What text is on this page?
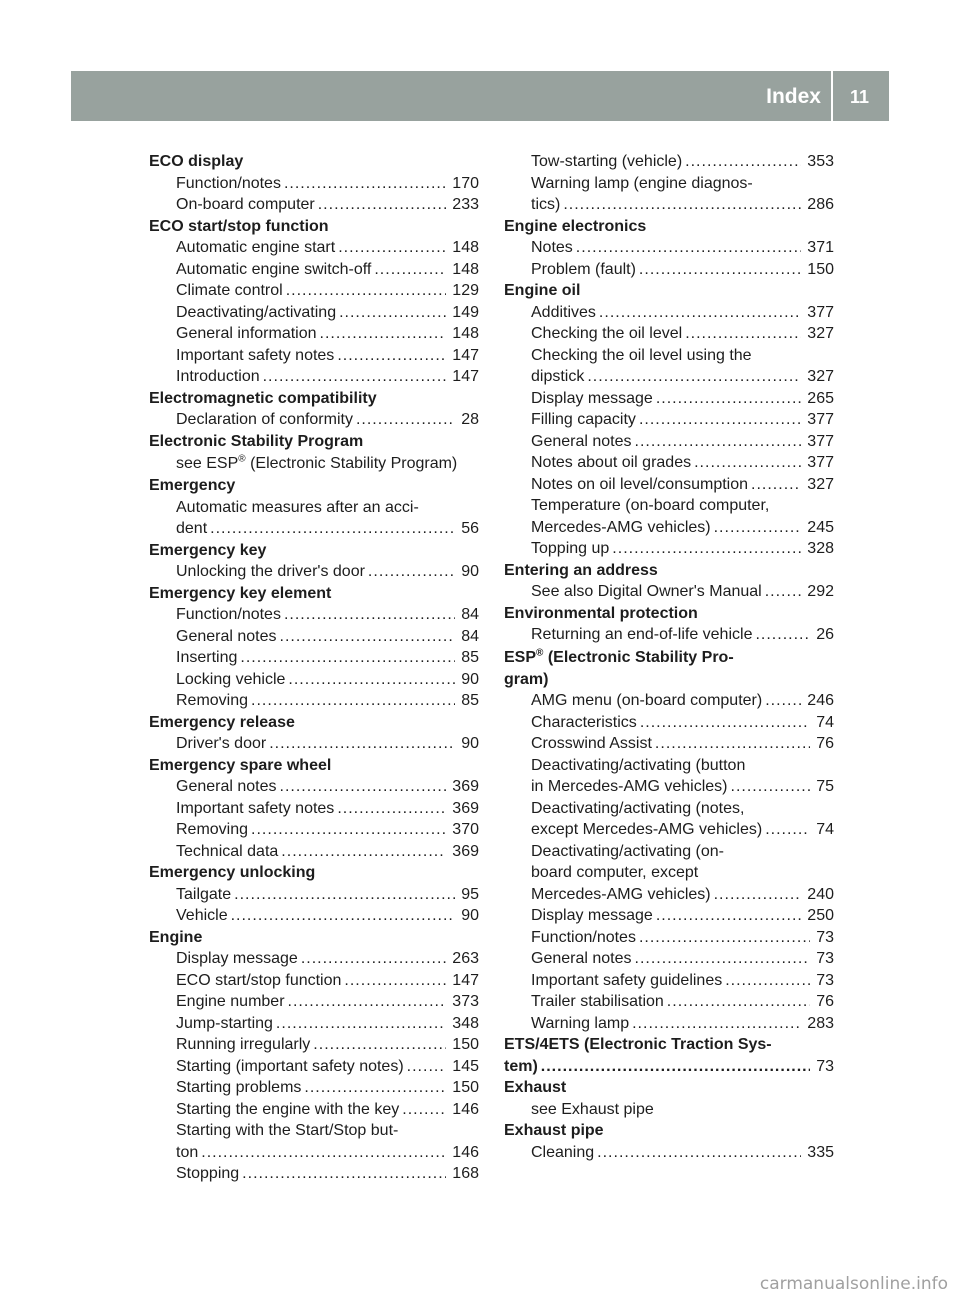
Index 11
ECO display
Function/notes .....	170
On-board computer .....	233
ECO start/stop function
Automatic engine start .....	148
Automatic engine switch-off .....	148
Climate control .....	129
Deactivating/activating .....	149
General information .....	148
Important safety notes .....	147
Introduction .....	147
Electromagnetic compatibility
Declaration of conformity .....	28
Electronic Stability Program
see ESP® (Electronic Stability Program)
Emergency
Automatic measures after an acci-
dent .....	56
Emergency key
Unlocking the driver's door .....	90
Emergency key element
Function/notes .....	84
General notes .....	84
Inserting .....	85
Locking vehicle .....	90
Removing .....	85
Emergency release
Driver's door .....	90
Emergency spare wheel
General notes .....	369
Important safety notes .....	369
Removing .....	370
Technical data .....	369
Emergency unlocking
Tailgate .....	95
Vehicle .....	90
Engine
Display message .....	263
ECO start/stop function .....	147
Engine number .....	373
Jump-starting .....	348
Running irregularly .....	150
Starting (important safety notes) .....	145
Starting problems .....	150
Starting the engine with the key .....	146
Starting with the Start/Stop but-
ton .....	146
Stopping .....	168
Tow-starting (vehicle) .....	353
Warning lamp (engine diagnos-
tics) .....	286
Engine electronics
Notes .....	371
Problem (fault) .....	150
Engine oil
Additives .....	377
Checking the oil level .....	327
Checking the oil level using the
dipstick .....	327
Display message .....	265
Filling capacity .....	377
General notes .....	377
Notes about oil grades .....	377
Notes on oil level/consumption .....	327
Temperature (on-board computer,
Mercedes-AMG vehicles) .....	245
Topping up .....	328
Entering an address
See also Digital Owner's Manual .....	292
Environmental protection
Returning an end-of-life vehicle .....	26
ESP® (Electronic Stability Pro-
gram)
AMG menu (on-board computer) .....	246
Characteristics .....	74
Crosswind Assist .....	76
Deactivating/activating (button
in Mercedes-AMG vehicles) .....	75
Deactivating/activating (notes,
except Mercedes-AMG vehicles) .....	74
Deactivating/activating (on-
board computer, except
Mercedes-AMG vehicles) .....	240
Display message .....	250
Function/notes .....	73
General notes .....	73
Important safety guidelines .....	73
Trailer stabilisation .....	76
Warning lamp .....	283
ETS/4ETS (Electronic Traction Sys-
tem) .....	73
Exhaust
see Exhaust pipe
Exhaust pipe
Cleaning .....	335
carmanualsonline.info
